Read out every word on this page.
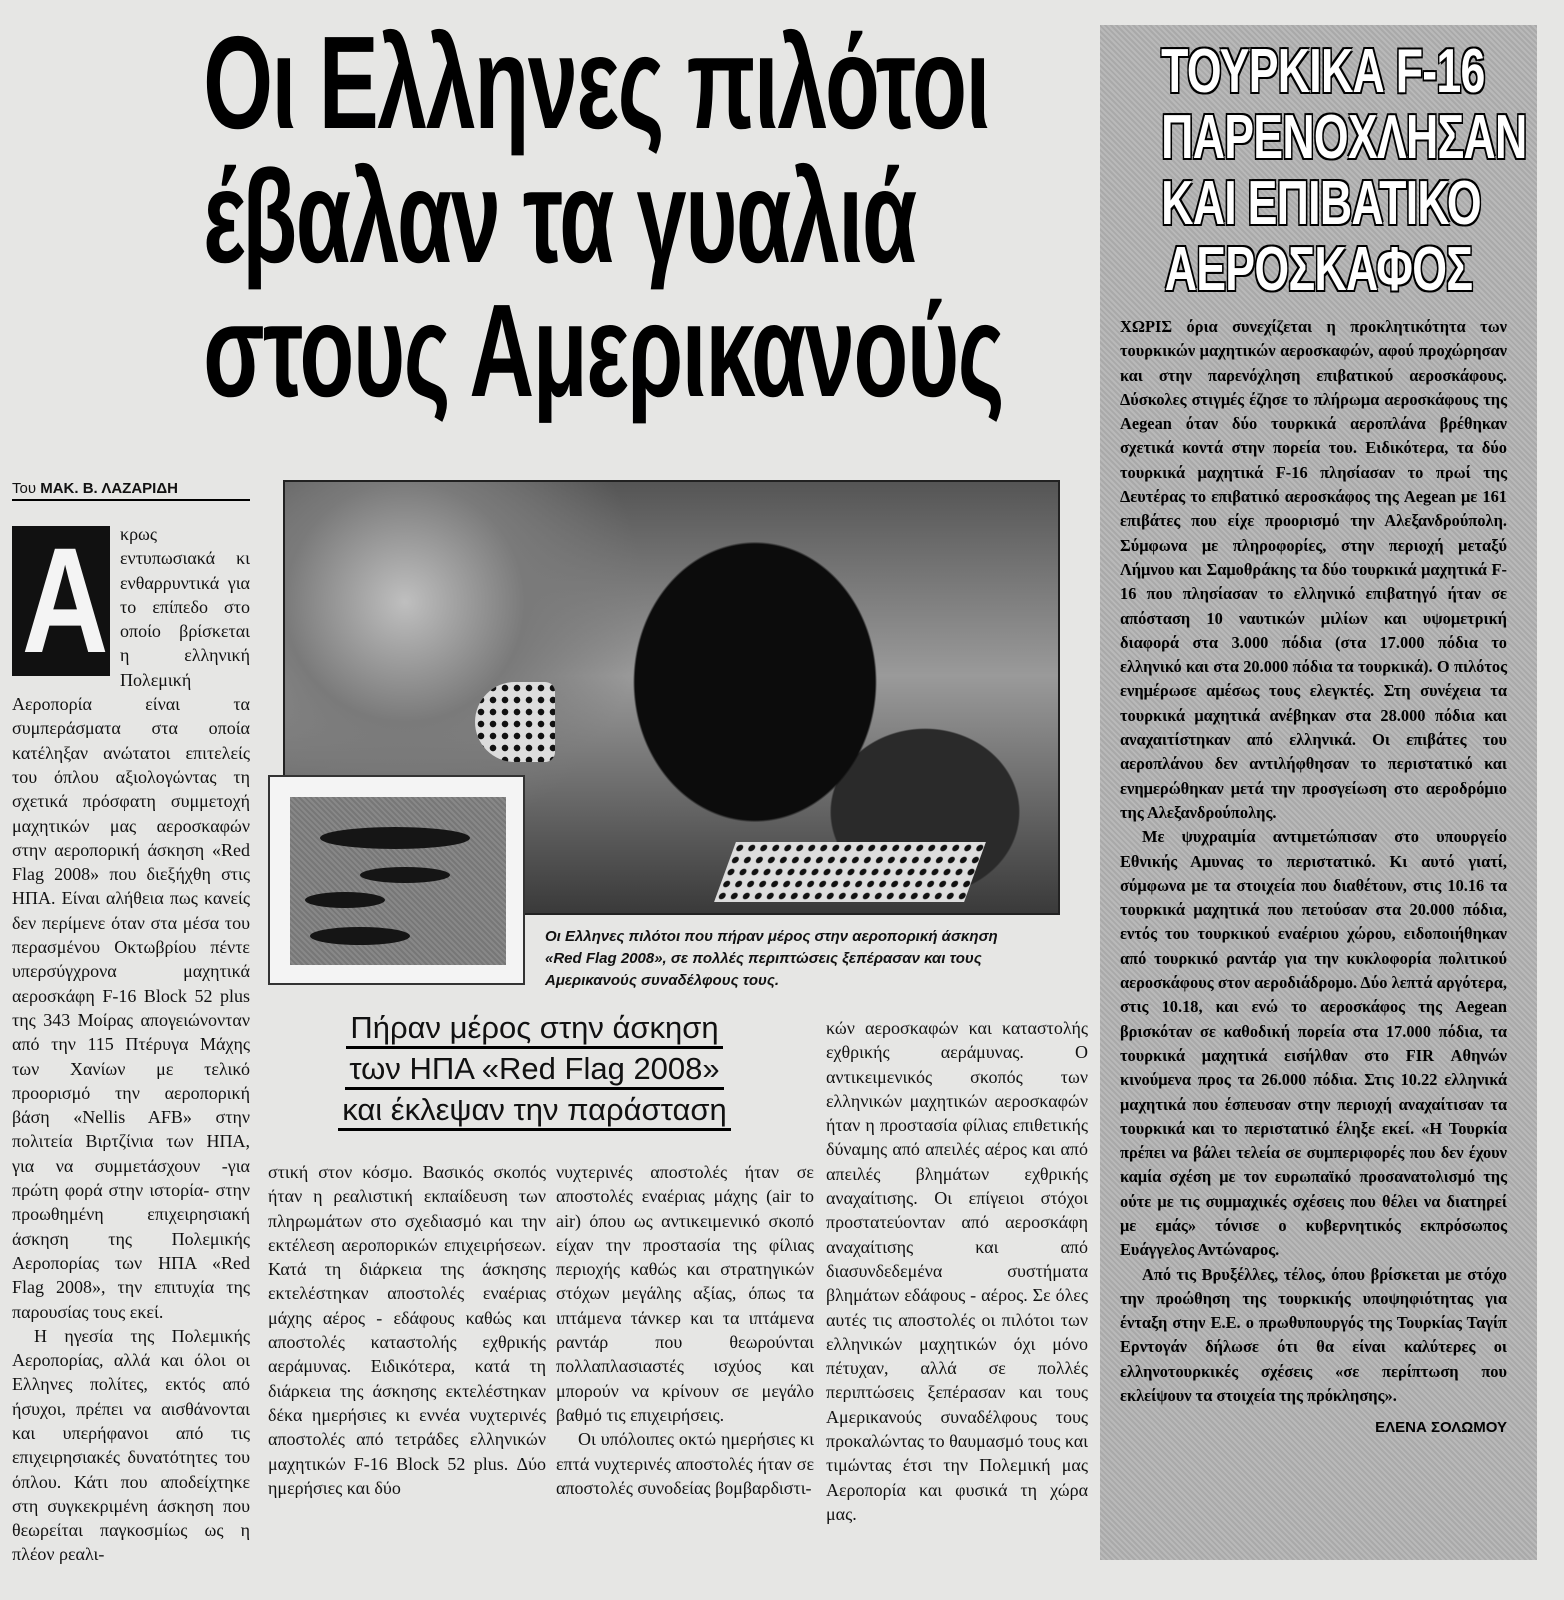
Οι Ελληνες πιλότοι
έβαλαν τα γυαλιά
στους Αμερικανούς
Του ΜΑΚ. Β. ΛΑΖΑΡΙΔΗ
Α κρως εντυπωσιακά κι ενθαρρυντικά για το επίπεδο στο οποίο βρίσκεται η ελληνική Πολεμική Αεροπορία είναι τα συμπεράσματα στα οποία κατέληξαν ανώτατοι επιτελείς του όπλου αξιολογώντας τη σχετικά πρόσφατη συμμετοχή μαχητικών μας αεροσκαφών στην αεροπορική άσκηση «Red Flag 2008» που διεξήχθη στις ΗΠΑ. Είναι αλήθεια πως κανείς δεν περίμενε όταν στα μέσα του περασμένου Οκτωβρίου πέντε υπερσύγχρονα μαχητικά αεροσκάφη F-16 Block 52 plus της 343 Μοίρας απογειώνονταν από την 115 Πτέρυγα Μάχης των Χανίων με τελικό προορισμό την αεροπορική βάση «Nellis AFB» στην πολιτεία Βιρτζίνια των ΗΠΑ, για να συμμετάσχουν -για πρώτη φορά στην ιστορία- στην προωθημένη επιχειρησιακή άσκηση της Πολεμικής Αεροπορίας των ΗΠΑ «Red Flag 2008», την επιτυχία της παρουσίας τους εκεί.

Η ηγεσία της Πολεμικής Αεροπορίας, αλλά και όλοι οι Ελληνες πολίτες, εκτός από ήσυχοι, πρέπει να αισθάνονται και υπερήφανοι από τις επιχειρησιακές δυνατότητες του όπλου. Κάτι που αποδείχτηκε στη συγκεκριμένη άσκηση που θεωρείται παγκοσμίως ως η πλέον ρεαλι-

Οι Ελληνες πιλότοι που πήραν μέρος στην αεροπορική άσκηση «Red Flag 2008», σε πολλές περιπτώσεις ξεπέρασαν και τους Αμερικανούς συναδέλφους τους.
Πήραν μέρος στην άσκηση
των ΗΠΑ «Red Flag 2008»
και έκλεψαν την παράσταση

στική στον κόσμο. Βασικός σκοπός ήταν η ρεαλιστική εκπαίδευση των πληρωμάτων στο σχεδιασμό και την εκτέλεση αεροπορικών επιχειρήσεων. Κατά τη διάρκεια της άσκησης εκτελέστηκαν αποστολές εναέριας μάχης αέρος - εδάφους καθώς και αποστολές καταστολής εχθρικής αεράμυνας. Ειδικότερα, κατά τη διάρκεια της άσκησης εκτελέστηκαν δέκα ημερήσιες κι εννέα νυχτερινές αποστολές από τετράδες ελληνικών μαχητικών F-16 Block 52 plus. Δύο ημερήσιες και δύο

νυχτερινές αποστολές ήταν σε αποστολές εναέριας μάχης (air to air) όπου ως αντικειμενικό σκοπό είχαν την προστασία της φίλιας περιοχής καθώς και στρατηγικών στόχων μεγάλης αξίας, όπως τα ιπτάμενα τάνκερ και τα ιπτάμενα ραντάρ που θεωρούνται πολλαπλασιαστές ισχύος και μπορούν να κρίνουν σε μεγάλο βαθμό τις επιχειρήσεις.

Οι υπόλοιπες οκτώ ημερήσιες κι επτά νυχτερινές αποστολές ήταν σε αποστολές συνοδείας βομβαρδιστι-

κών αεροσκαφών και καταστολής εχθρικής αεράμυνας. Ο αντικειμενικός σκοπός των ελληνικών μαχητικών αεροσκαφών ήταν η προστασία φίλιας επιθετικής δύναμης από απειλές αέρος και από απειλές βλημάτων εχθρικής αναχαίτισης. Οι επίγειοι στόχοι προστατεύονταν από αεροσκάφη αναχαίτισης και από διασυνδεδεμένα συστήματα βλημάτων εδάφους - αέρος. Σε όλες αυτές τις αποστολές οι πιλότοι των ελληνικών μαχητικών όχι μόνο πέτυχαν, αλλά σε πολλές περιπτώσεις ξεπέρασαν και τους Αμερικανούς συναδέλφους τους προκαλώντας το θαυμασμό τους και τιμώντας έτσι την Πολεμική μας Αεροπορία και φυσικά τη χώρα μας.

ΤΟΥΡΚΙΚΑ F-16
ΠΑΡΕΝΟΧΛΗΣΑΝ
ΚΑΙ ΕΠΙΒΑΤΙΚΟ
ΑΕΡΟΣΚΑΦΟΣ

ΧΩΡΙΣ όρια συνεχίζεται η προκλητικότητα των τουρκικών μαχητικών αεροσκαφών, αφού προχώρησαν και στην παρενόχληση επιβατικού αεροσκάφους. Δύσκολες στιγμές έζησε το πλήρωμα αεροσκάφους της Aegean όταν δύο τουρκικά αεροπλάνα βρέθηκαν σχετικά κοντά στην πορεία του. Ειδικότερα, τα δύο τουρκικά μαχητικά F-16 πλησίασαν το πρωί της Δευτέρας το επιβατικό αεροσκάφος της Aegean με 161 επιβάτες που είχε προορισμό την Αλεξανδρούπολη. Σύμφωνα με πληροφορίες, στην περιοχή μεταξύ Λήμνου και Σαμοθράκης τα δύο τουρκικά μαχητικά F-16 που πλησίασαν το ελληνικό επιβατηγό ήταν σε απόσταση 10 ναυτικών μιλίων και υψομετρική διαφορά στα 3.000 πόδια (στα 17.000 πόδια το ελληνικό και στα 20.000 πόδια τα τουρκικά). Ο πιλότος ενημέρωσε αμέσως τους ελεγκτές. Στη συνέχεια τα τουρκικά μαχητικά ανέβηκαν στα 28.000 πόδια και αναχαιτίστηκαν από ελληνικά. Οι επιβάτες του αεροπλάνου δεν αντιλήφθησαν το περιστατικό και ενημερώθηκαν μετά την προσγείωση στο αεροδρόμιο της Αλεξανδρούπολης.

Με ψυχραιμία αντιμετώπισαν στο υπουργείο Εθνικής Αμυνας το περιστατικό. Κι αυτό γιατί, σύμφωνα με τα στοιχεία που διαθέτουν, στις 10.16 τα τουρκικά μαχητικά που πετούσαν στα 20.000 πόδια, εντός του τουρκικού εναέριου χώρου, ειδοποιήθηκαν από τουρκικό ραντάρ για την κυκλοφορία πολιτικού αεροσκάφους στον αεροδιάδρομο. Δύο λεπτά αργότερα, στις 10.18, και ενώ το αεροσκάφος της Aegean βρισκόταν σε καθοδική πορεία στα 17.000 πόδια, τα τουρκικά μαχητικά εισήλθαν στο FIR Αθηνών κινούμενα προς τα 26.000 πόδια. Στις 10.22 ελληνικά μαχητικά που έσπευσαν στην περιοχή αναχαίτισαν τα τουρκικά και το περιστατικό έληξε εκεί. «Η Τουρκία πρέπει να βάλει τελεία σε συμπεριφορές που δεν έχουν καμία σχέση με τον ευρωπαϊκό προσανατολισμό της ούτε με τις συμμαχικές σχέσεις που θέλει να διατηρεί με εμάς» τόνισε ο κυβερνητικός εκπρόσωπος Ευάγγελος Αντώναρος.

Από τις Βρυξέλλες, τέλος, όπου βρίσκεται με στόχο την προώθηση της τουρκικής υποψηφιότητας για ένταξη στην Ε.Ε. ο πρωθυπουργός της Τουρκίας Ταγίπ Ερντογάν δήλωσε ότι θα είναι καλύτερες οι ελληνοτουρκικές σχέσεις «σε περίπτωση που εκλείψουν τα στοιχεία της πρόκλησης».

ΕΛΕΝΑ ΣΟΛΩΜΟΥ
